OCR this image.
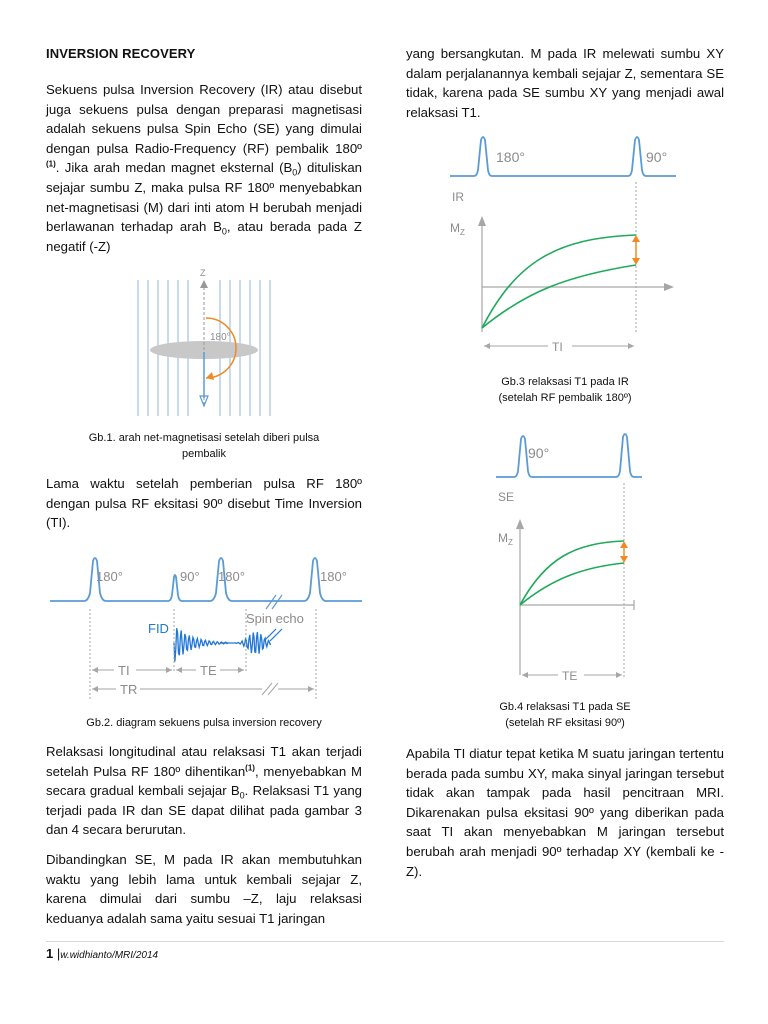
INVERSION RECOVERY

Sekuens pulsa Inversion Recovery (IR) atau disebut juga sekuens pulsa dengan preparasi magnetisasi adalah sekuens pulsa Spin Echo (SE) yang dimulai dengan pulsa Radio-Frequency (RF) pembalik 180º $^{(1)}$. Jika arah medan magnet eksternal $(B_0)$ dituliskan sejajar sumbu Z, maka pulsa RF 180º menyebabkan net-magnetisasi (M) dari inti atom H berubah menjadi berlawanan terhadap arah $B_0$, atau berada pada Z negatif (-Z)

Z
180°
Gb.1. arah net-magnetisasi setelah diberi pulsa
pembalik

Lama waktu setelah pemberian pulsa RF 180º dengan pulsa RF eksitasi 90º disebut Time Inversion (TI).

180°	90° 180°	180°
FID
Spin echo
TI	TE
TR
Gb.2. diagram sekuens pulsa inversion recovery

Relaksasi longitudinal atau relaksasi T1 akan terjadi setelah Pulsa RF 180º dihentikan$^{(1)}$, menyebabkan M secara gradual kembali sejajar $B_0$. Relaksasi T1 yang terjadi pada IR dan SE dapat dilihat pada gambar 3 dan 4 secara berurutan.

Dibandingkan SE, M pada IR akan membutuhkan waktu yang lebih lama untuk kembali sejajar Z, karena dimulai dari sumbu –Z, laju relaksasi keduanya adalah sama yaitu sesuai T1 jaringan

yang bersangkutan. M pada IR melewati sumbu XY dalam perjalanannya kembali sejajar Z, sementara SE tidak, karena pada SE sumbu XY yang menjadi awal relaksasi T1.

180°	90°
IR
$M_Z$
TI
Gb.3 relaksasi T1 pada IR
(setelah RF pembalik 180º)
90°
SE
$M_Z$
TE
Gb.4 relaksasi T1 pada SE
(setelah RF eksitasi 90º)

Apabila TI diatur tepat ketika M suatu jaringan tertentu berada pada sumbu XY, maka sinyal jaringan tersebut tidak akan tampak pada hasil pencitraan MRI. Dikarenakan pulsa eksitasi 90º yang diberikan pada saat TI akan menyebabkan M jaringan tersebut berubah arah menjadi 90º terhadap XY (kembali ke -Z).

1 |w.widhianto/MRI/2014
